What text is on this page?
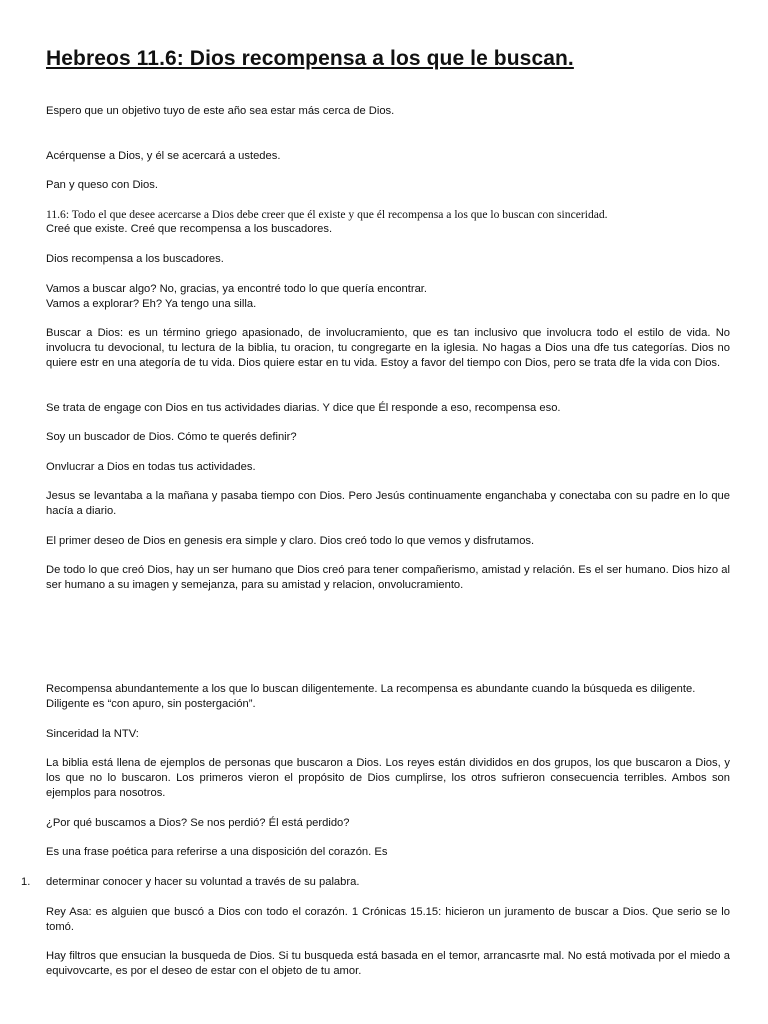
Hebreos 11.6: Dios recompensa a los que le buscan.

Espero que un objetivo tuyo de este año sea estar más cerca de Dios.

Acérquense a Dios, y él se acercará a ustedes.

Pan y queso con Dios.

11.6: Todo el que desee acercarse a Dios debe creer que él existe y que él recompensa a los que lo buscan con sinceridad.
Creé que existe. Creé que recompensa a los buscadores.

Dios recompensa a los buscadores.

Vamos a buscar algo? No, gracias, ya encontré todo lo que quería encontrar.
Vamos a explorar? Eh? Ya tengo una silla.

Buscar a Dios: es un término griego apasionado, de involucramiento, que es tan inclusivo que involucra todo el estilo de vida. No involucra tu devocional, tu lectura de la biblia, tu oracion, tu congregarte en la iglesia. No hagas a Dios una dfe tus categorías. Dios no quiere estr en una ategoría de tu vida. Dios quiere estar en tu vida. Estoy a favor del tiempo con Dios, pero se trata dfe la vida con Dios.

Se trata de engage con Dios en tus actividades diarias. Y dice que Él responde a eso, recompensa eso.

Soy un buscador de Dios. Cómo te querés definir?

Onvlucrar a Dios en todas tus actividades.

Jesus se levantaba a la mañana y pasaba tiempo con Dios. Pero Jesús continuamente enganchaba y conectaba con su padre en lo que hacía a diario.

El primer deseo de Dios en genesis era simple y claro. Dios creó todo lo que vemos y disfrutamos.

De todo lo que creó Dios, hay un ser humano que Dios creó para tener compañerismo, amistad y relación. Es el ser humano. Dios hizo al ser humano a su imagen y semejanza, para su amistad y relacion, onvolucramiento.

Recompensa abundantemente a los que lo buscan diligentemente. La recompensa es abundante cuando la búsqueda es diligente.
Diligente es “con apuro, sin postergación”.

Sinceridad la NTV:

La biblia está llena de ejemplos de personas que buscaron a Dios. Los reyes están divididos en dos grupos, los que buscaron a Dios, y los que no lo buscaron. Los primeros vieron el propósito de Dios cumplirse, los otros sufrieron consecuencia terribles. Ambos son ejemplos para nosotros.

¿Por qué buscamos a Dios? Se nos perdió? Él está perdido?

Es una frase poética para referirse a una disposición del corazón. Es

1. determinar conocer y hacer su voluntad a través de su palabra.

Rey Asa: es alguien que buscó a Dios con todo el corazón. 1 Crónicas 15.15: hicieron un juramento de buscar a Dios. Que serio se lo tomó.

Hay filtros que ensucian la busqueda de Dios. Si tu busqueda está basada en el temor, arrancasrte mal. No está motivada por el miedo a equivovcarte, es por el deseo de estar con el objeto de tu amor.
